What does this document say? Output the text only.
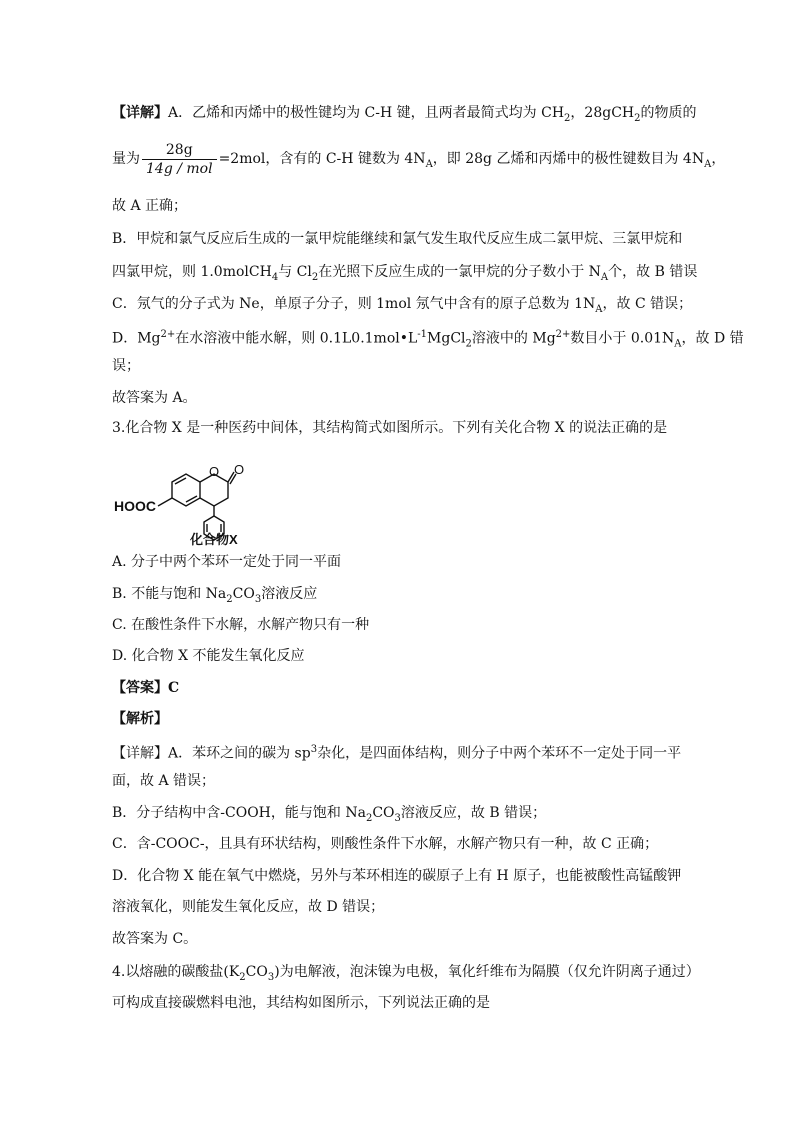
【详解】A．乙烯和丙烯中的极性键均为 C-H 键，且两者最简式均为 $CH_2$，28gCH$_2$的物质的
量为 $\frac{28g}{\text{14g / mol}} =2mol$，含有的 C-H 键数为 $4N_A$，即 28g 乙烯和丙烯中的极性键数目为 $4N_A$，
故 A 正确；
B．甲烷和氯气反应后生成的一氯甲烷能继续和氯气发生取代反应生成二氯甲烷、三氯甲烷和
四氯甲烷，则 1.0molCH$_4$与 $Cl_2$在光照下反应生成的一氯甲烷的分子数小于 $N_A$个，故 B 错误
C．氖气的分子式为 Ne，单原子分子，则 1mol 氖气中含有的原子总数为 $1N_A$，故 C 错误；
D．$Mg^{2+}$在水溶液中能水解，则 $0.1L0.1mol•L^{-1}MgCl_2$溶液中的 $Mg^{2+}$数目小于 $0.01N_A$，故 D 错
误；
故答案为 A。
3.化合物 X 是一种医药中间体，其结构简式如图所示。下列有关化合物 X 的说法正确的是
HOOC
O O
化合物X
A. 分子中两个苯环一定处于同一平面
B. 不能与饱和 $Na_2CO_3$溶液反应
C. 在酸性条件下水解，水解产物只有一种
D. 化合物 X 不能发生氧化反应
【答案】C
【解析】
【详解】A．苯环之间的碳为 $sp^3$杂化，是四面体结构，则分子中两个苯环不一定处于同一平
面，故 A 错误；
B．分子结构中含-COOH，能与饱和 $Na_2CO_3$溶液反应，故 B 错误；
C．含-COOC-，且具有环状结构，则酸性条件下水解，水解产物只有一种，故 C 正确；
D．化合物 X 能在氧气中燃烧，另外与苯环相连的碳原子上有 H 原子，也能被酸性高锰酸钾
溶液氧化，则能发生氧化反应，故 D 错误；
故答案为 C。
4.以熔融的碳酸盐$(K_2CO_3)$为电解液，泡沫镍为电极，氧化纤维布为隔膜（仅允许阴离子通过）
可构成直接碳燃料电池，其结构如图所示，下列说法正确的是
